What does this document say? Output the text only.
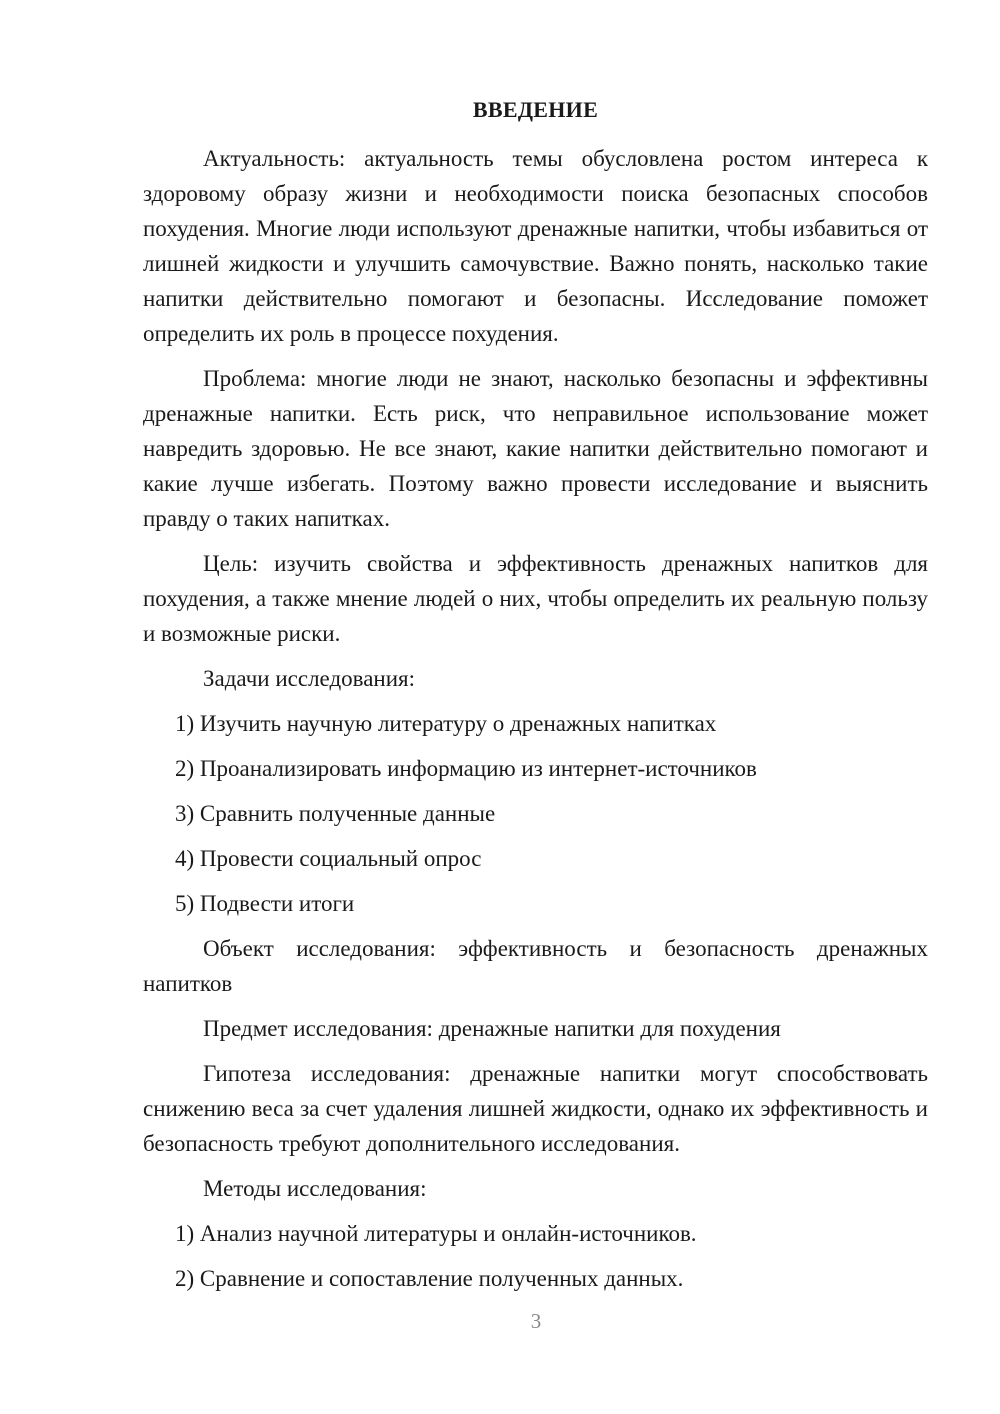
ВВЕДЕНИЕ

Актуальность: актуальность темы обусловлена ростом интереса к здоровому образу жизни и необходимости поиска безопасных способов похудения. Многие люди используют дренажные напитки, чтобы избавиться от лишней жидкости и улучшить самочувствие. Важно понять, насколько такие напитки действительно помогают и безопасны. Исследование поможет определить их роль в процессе похудения.

Проблема: многие люди не знают, насколько безопасны и эффективны дренажные напитки. Есть риск, что неправильное использование может навредить здоровью. Не все знают, какие напитки действительно помогают и какие лучше избегать. Поэтому важно провести исследование и выяснить правду о таких напитках.

Цель: изучить свойства и эффективность дренажных напитков для похудения, а также мнение людей о них, чтобы определить их реальную пользу и возможные риски.

Задачи исследования:

1) Изучить научную литературу о дренажных напитках
2) Проанализировать информацию из интернет-источников
3) Сравнить полученные данные
4) Провести социальный опрос
5) Подвести итоги

Объект исследования: эффективность и безопасность дренажных напитков

Предмет исследования: дренажные напитки для похудения

Гипотеза исследования: дренажные напитки могут способствовать снижению веса за счет удаления лишней жидкости, однако их эффективность и безопасность требуют дополнительного исследования.

Методы исследования:

1) Анализ научной литературы и онлайн-источников.
2) Сравнение и сопоставление полученных данных.
3
